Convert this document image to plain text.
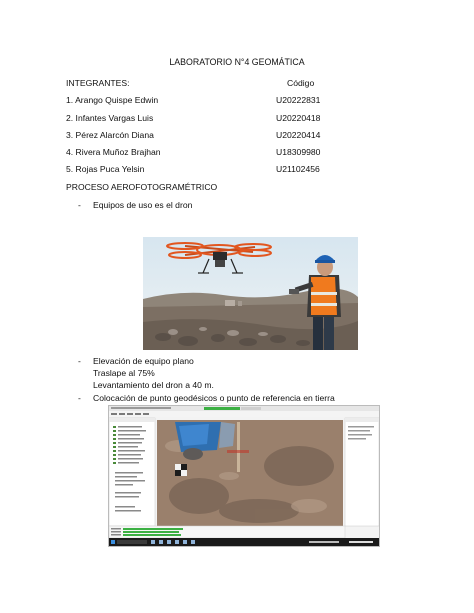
LABORATORIO N°4 GEOMÁTICA
INTEGRANTES:	Código
1. Arango Quispe Edwin	U20222831
2. Infantes Vargas Luis	U20220418
3. Pérez Alarcón Diana	U20220414
4. Rivera Muñoz Brajhan	U18309980
5. Rojas Puca Yelsin	U21102456
PROCESO AEROFOTOGRAMÉTRICO
- Equipos de uso es el dron
- Elevación de equipo plano
Traslape al 75%
Levantamiento del dron a 40 m.
- Colocación de punto geodésicos o punto de referencia en tierra
